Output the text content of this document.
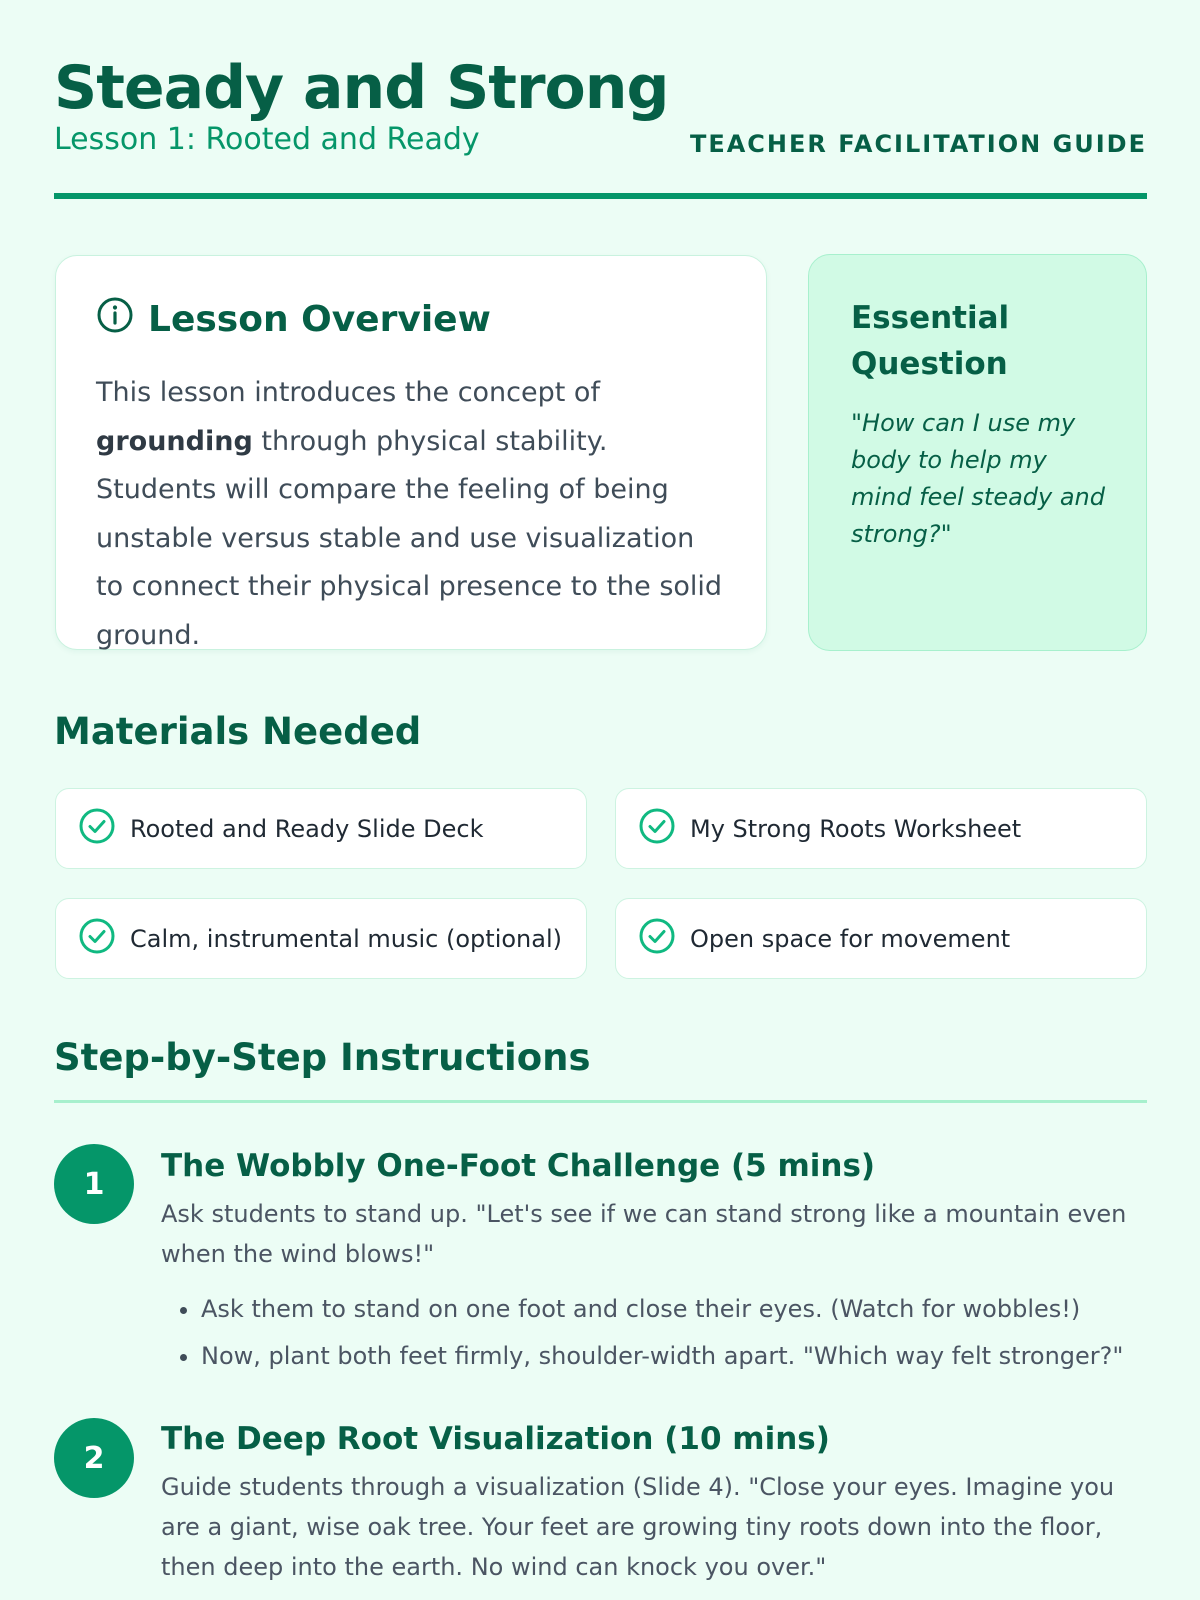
Steady and Strong
Lesson 1: Rooted and Ready	TEACHER FACILITATION GUIDE
Lesson Overview

This lesson introduces the concept of grounding through physical stability. Students will compare the feeling of being unstable versus stable and use visualization to connect their physical presence to the solid ground.

Essential Question

"How can I use my body to help my mind feel steady and strong?"

Materials Needed
Rooted and Ready Slide Deck	My Strong Roots Worksheet
Calm, instrumental music (optional)	Open space for movement
Step-by-Step Instructions
1	The Wobbly One-Foot Challenge (5 mins)

Ask students to stand up. "Let's see if we can stand strong like a mountain even when the wind blows!"

• Ask them to stand on one foot and close their eyes. (Watch for wobbles!)
• Now, plant both feet firmly, shoulder-width apart. "Which way felt stronger?"
2
The Deep Root Visualization (10 mins)

Guide students through a visualization (Slide 4). "Close your eyes. Imagine you are a giant, wise oak tree. Your feet are growing tiny roots down into the floor, then deep into the earth. No wind can knock you over."
